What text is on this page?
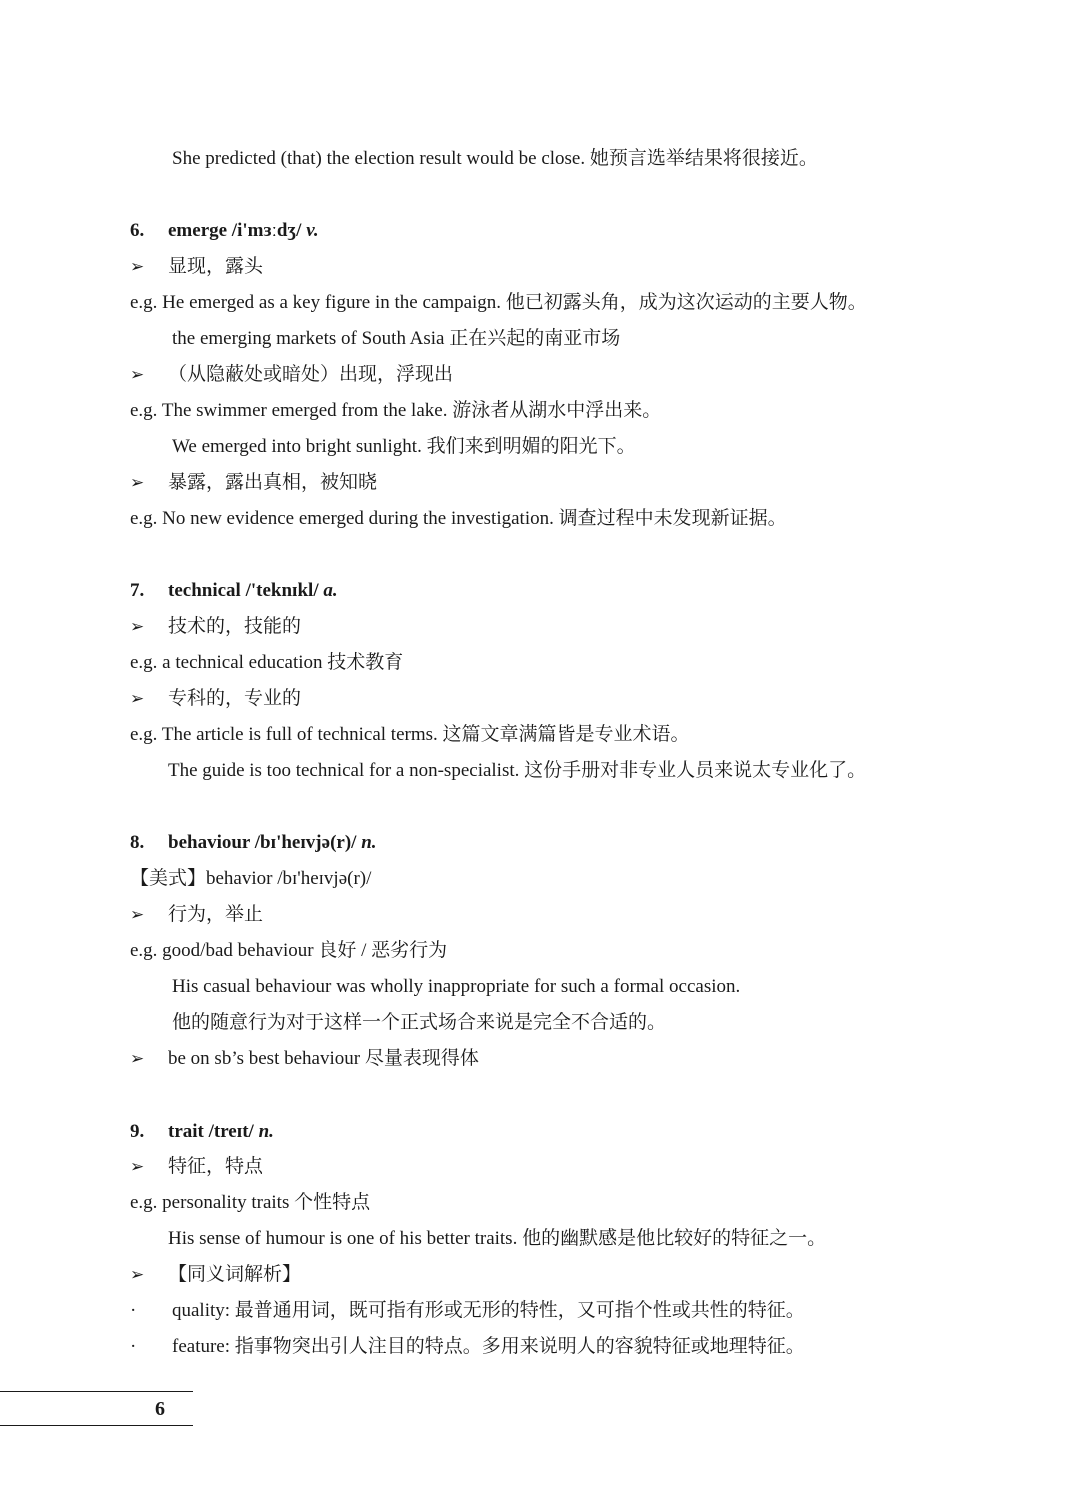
She predicted (that) the election result would be close. 她预言选举结果将很接近。
6. emerge /i'mɜːdʒ/ v.
➢ 显现，露头
e.g. He emerged as a key figure in the campaign. 他已初露头角，成为这次运动的主要人物。
the emerging markets of South Asia 正在兴起的南亚市场
➢ （从隐蔽处或暗处）出现，浮现出
e.g. The swimmer emerged from the lake. 游泳者从湖水中浮出来。
We emerged into bright sunlight. 我们来到明媚的阳光下。
➢ 暴露，露出真相，被知晓
e.g. No new evidence emerged during the investigation. 调查过程中未发现新证据。
7. technical /'teknɪkl/ a.
➢ 技术的，技能的
e.g. a technical education 技术教育
➢ 专科的，专业的
e.g. The article is full of technical terms. 这篇文章满篇皆是专业术语。
The guide is too technical for a non-specialist. 这份手册对非专业人员来说太专业化了。
8. behaviour /bɪ'heɪvjə(r)/ n.
【美式】behavior /bɪ'heɪvjə(r)/
➢ 行为，举止
e.g. good/bad behaviour 良好 / 恶劣行为
His casual behaviour was wholly inappropriate for such a formal occasion.
他的随意行为对于这样一个正式场合来说是完全不合适的。
➢ be on sb’s best behaviour 尽量表现得体
9. trait /treɪt/ n.
➢ 特征，特点
e.g. personality traits 个性特点
His sense of humour is one of his better traits. 他的幽默感是他比较好的特征之一。
➢ 【同义词解析】
· quality: 最普通用词，既可指有形或无形的特性，又可指个性或共性的特征。
· feature: 指事物突出引人注目的特点。多用来说明人的容貌特征或地理特征。
6
